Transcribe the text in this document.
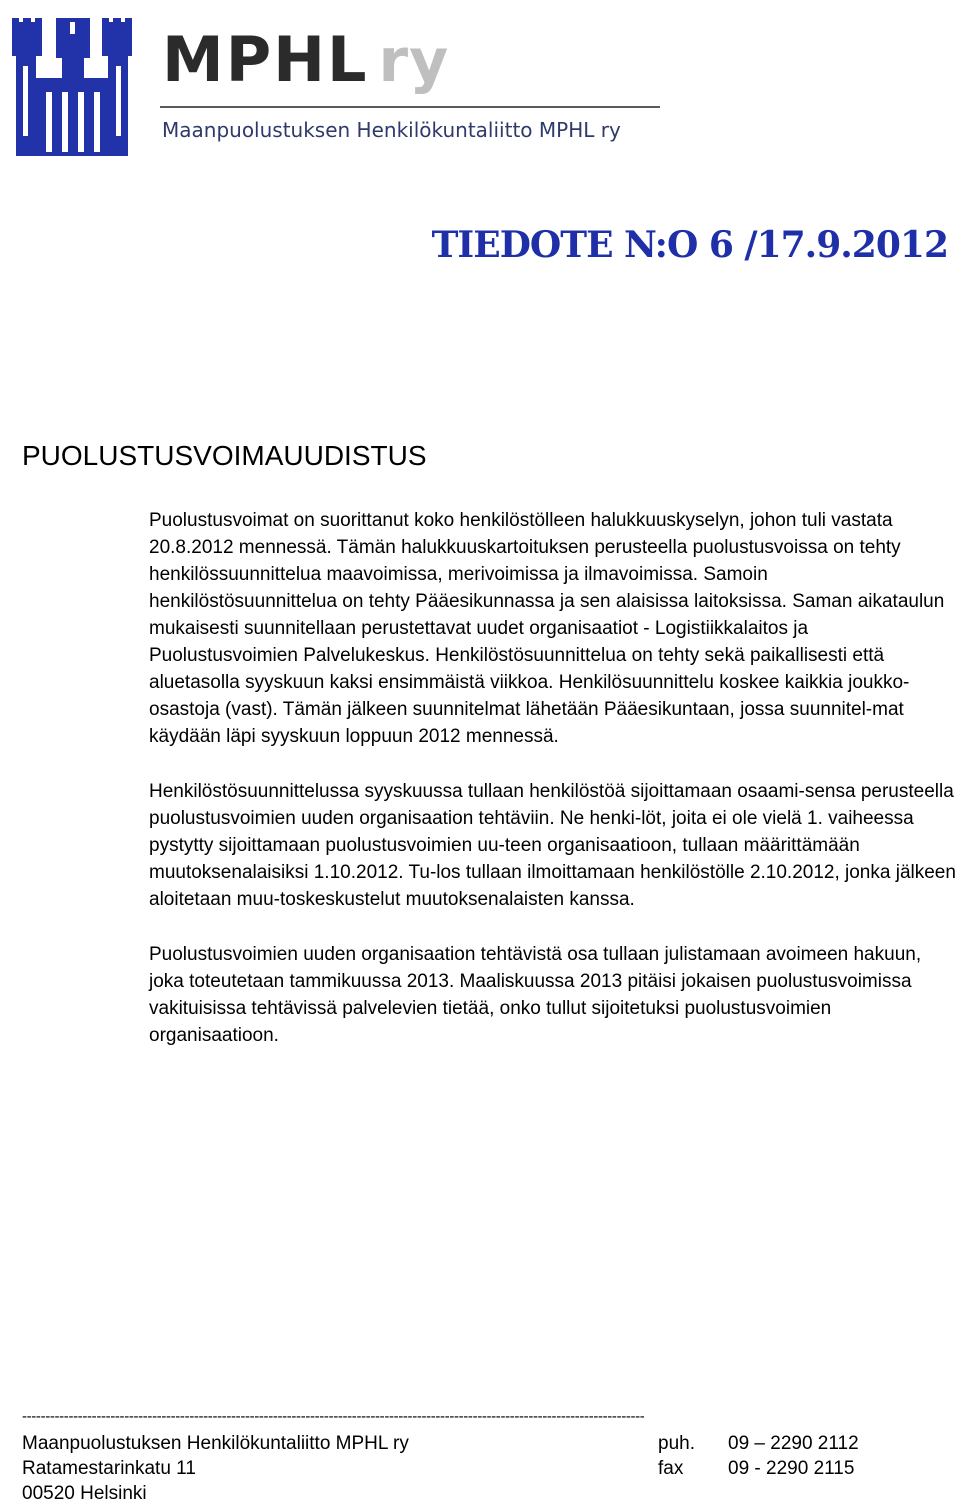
MPHL ry
Maanpuolustuksen Henkilökuntaliitto MPHL ry
TIEDOTE N:O 6 /17.9.2012
PUOLUSTUSVOIMAUUDISTUS

Puolustusvoimat on suorittanut koko henkilöstölleen halukkuuskyselyn, johon tuli vastata 20.8.2012 mennessä. Tämän halukkuuskartoituksen perusteella puolustusvoissa on tehty henkilössuunnittelua maavoimissa, merivoimissa ja ilmavoimissa. Samoin henkilöstösuunnittelua on tehty Pääesikunnassa ja sen alaisissa laitoksissa. Saman aikataulun mukaisesti suunnitellaan perustettavat uudet organisaatiot - Logistiikkalaitos ja Puolustusvoimien Palvelukeskus. Henkilöstösuunnittelua on tehty sekä paikallisesti että aluetasolla syyskuun kaksi ensimmäistä viikkoa. Henkilösuunnittelu koskee kaikkia joukko-osastoja (vast). Tämän jälkeen suunnitelmat lähetään Pääesikuntaan, jossa suunnitel-mat käydään läpi syyskuun loppuun 2012 mennessä.

Henkilöstösuunnittelussa syyskuussa tullaan henkilöstöä sijoittamaan osaami-sensa perusteella puolustusvoimien uuden organisaation tehtäviin. Ne henki-löt, joita ei ole vielä 1. vaiheessa pystytty sijoittamaan puolustusvoimien uu-teen organisaatioon, tullaan määrittämään muutoksenalaisiksi 1.10.2012. Tu-los tullaan ilmoittamaan henkilöstölle 2.10.2012, jonka jälkeen aloitetaan muu-toskeskustelut muutoksenalaisten kanssa.

Puolustusvoimien uuden organisaation tehtävistä osa tullaan julistamaan avoimeen hakuun, joka toteutetaan tammikuussa 2013. Maaliskuussa 2013 pitäisi jokaisen puolustusvoimissa vakituisissa tehtävissä palvelevien tietää, onko tullut sijoitetuksi puolustusvoimien organisaatioon.

--------------------------------------------------------------------------------------------------------------------------------------
Maanpuolustuksen Henkilökuntaliitto MPHL ry	puh. 09 – 2290 2112
Ratamestarinkatu 11	fax 09 - 2290 2115
00520 Helsinki
